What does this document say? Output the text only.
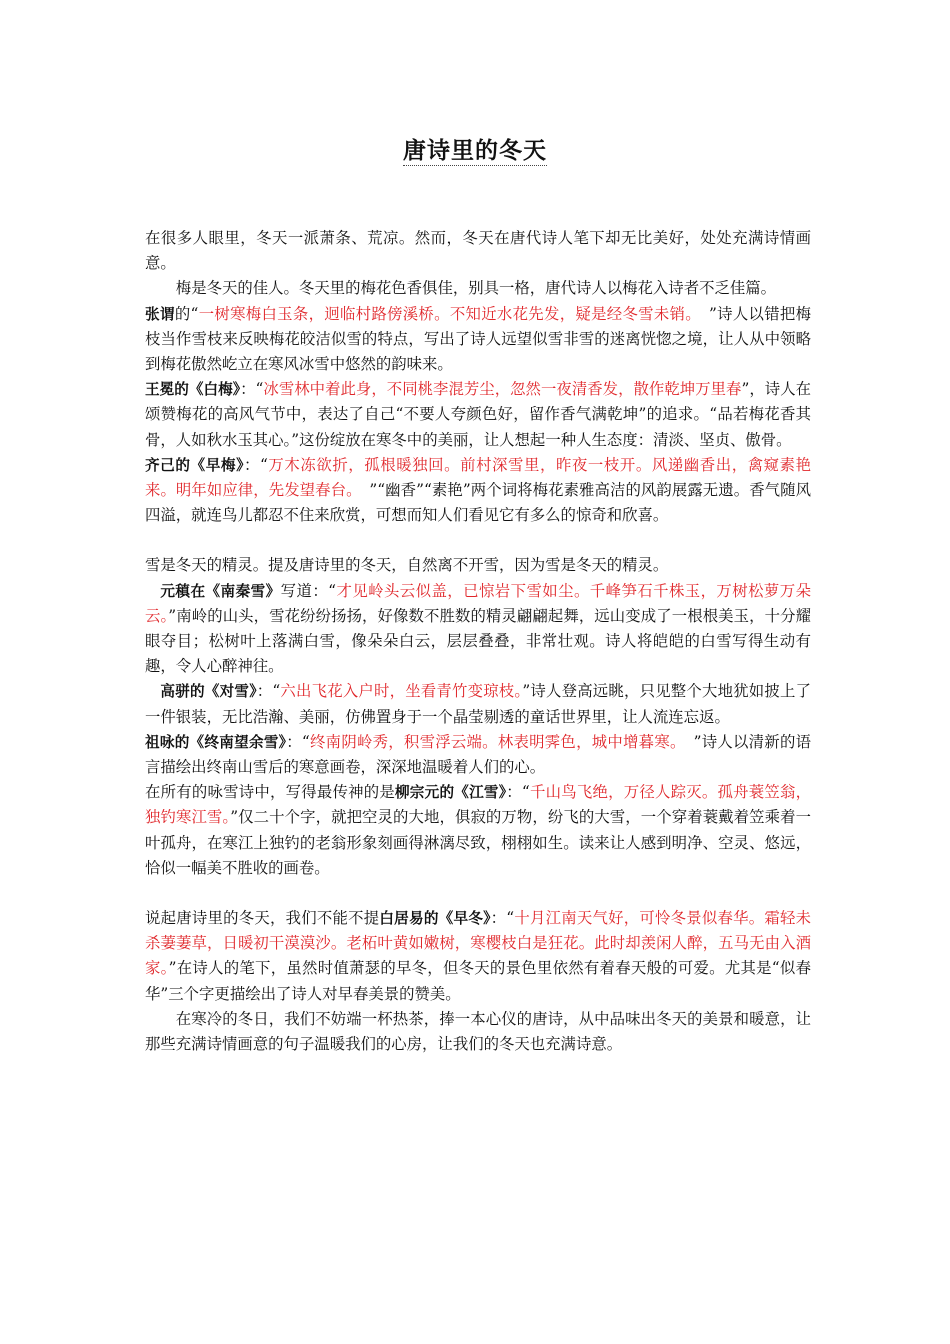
唐诗里的冬天

在很多人眼里，冬天一派萧条、荒凉。然而，冬天在唐代诗人笔下却无比美好，处处充满诗情画意。

梅是冬天的佳人。冬天里的梅花色香俱佳，别具一格，唐代诗人以梅花入诗者不乏佳篇。

张谓的“一树寒梅白玉条，迥临村路傍溪桥。不知近水花先发，疑是经冬雪未销。　”诗人以错把梅枝当作雪枝来反映梅花皎洁似雪的特点，写出了诗人远望似雪非雪的迷离恍惚之境，让人从中领略到梅花傲然屹立在寒风冰雪中悠然的韵味来。

王冕的《白梅》：“冰雪林中着此身，不同桃李混芳尘，忽然一夜清香发，散作乾坤万里春”，诗人在颂赞梅花的高风气节中，表达了自己“不要人夸颜色好，留作香气满乾坤”的追求。“品若梅花香其骨，人如秋水玉其心。”这份绽放在寒冬中的美丽，让人想起一种人生态度：清淡、坚贞、傲骨。

齐己的《早梅》：“万木冻欲折，孤根暖独回。前村深雪里，昨夜一枝开。风递幽香出，禽窥素艳来。明年如应律，先发望春台。　”“幽香”“素艳”两个词将梅花素雅高洁的风韵展露无遗。香气随风四溢，就连鸟儿都忍不住来欣赏，可想而知人们看见它有多么的惊奇和欣喜。

雪是冬天的精灵。提及唐诗里的冬天，自然离不开雪，因为雪是冬天的精灵。

元稹在《南秦雪》写道：“才见岭头云似盖，已惊岩下雪如尘。千峰笋石千株玉，万树松萝万朵云。”南岭的山头，雪花纷纷扬扬，好像数不胜数的精灵翩翩起舞，远山变成了一根根美玉，十分耀眼夺目；松树叶上落满白雪，像朵朵白云，层层叠叠，非常壮观。诗人将皑皑的白雪写得生动有趣，令人心醉神往。

高骈的《对雪》：“六出飞花入户时，坐看青竹变琼枝。”诗人登高远眺，只见整个大地犹如披上了一件银装，无比浩瀚、美丽，仿佛置身于一个晶莹剔透的童话世界里，让人流连忘返。

祖咏的《终南望余雪》：“终南阴岭秀，积雪浮云端。林表明霁色，城中增暮寒。　”诗人以清新的语言描绘出终南山雪后的寒意画卷，深深地温暖着人们的心。

在所有的咏雪诗中，写得最传神的是柳宗元的《江雪》：“千山鸟飞绝，万径人踪灭。孤舟蓑笠翁，独钓寒江雪。”仅二十个字，就把空灵的大地，俱寂的万物，纷飞的大雪，一个穿着蓑戴着笠乘着一叶孤舟，在寒江上独钓的老翁形象刻画得淋漓尽致，栩栩如生。读来让人感到明净、空灵、悠远，恰似一幅美不胜收的画卷。

说起唐诗里的冬天，我们不能不提白居易的《早冬》：“十月江南天气好，可怜冬景似春华。霜轻未杀萋萋草，日暖初干漠漠沙。老柘叶黄如嫩树，寒樱枝白是狂花。此时却羡闲人醉，五马无由入酒家。”在诗人的笔下，虽然时值萧瑟的早冬，但冬天的景色里依然有着春天般的可爱。尤其是“似春华”三个字更描绘出了诗人对早春美景的赞美。

在寒冷的冬日，我们不妨端一杯热茶，捧一本心仪的唐诗，从中品味出冬天的美景和暖意，让那些充满诗情画意的句子温暖我们的心房，让我们的冬天也充满诗意。
